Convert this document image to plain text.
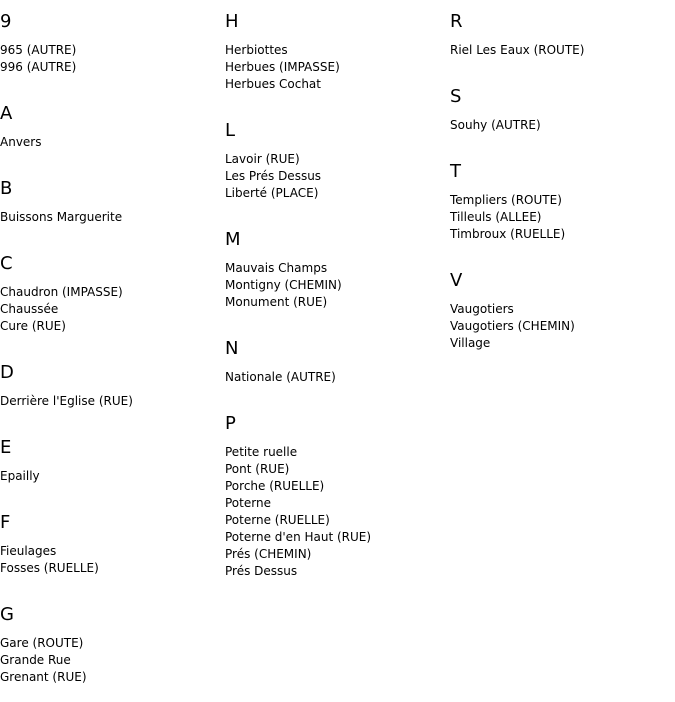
9
965 (AUTRE)
996 (AUTRE)
A
Anvers
B
Buissons Marguerite
C
Chaudron (IMPASSE)
Chaussée
Cure (RUE)
D
Derrière l'Eglise (RUE)
E
Epailly
F
Fieulages
Fosses (RUELLE)
G
Gare (ROUTE)
Grande Rue
Grenant (RUE)
H
Herbiottes
Herbues (IMPASSE)
Herbues Cochat
L
Lavoir (RUE)
Les Prés Dessus
Liberté (PLACE)
M
Mauvais Champs
Montigny (CHEMIN)
Monument (RUE)
N
Nationale (AUTRE)
P
Petite ruelle
Pont (RUE)
Porche (RUELLE)
Poterne
Poterne (RUELLE)
Poterne d'en Haut (RUE)
Prés (CHEMIN)
Prés Dessus
R
Riel Les Eaux (ROUTE)
S
Souhy (AUTRE)
T
Templiers (ROUTE)
Tilleuls (ALLEE)
Timbroux (RUELLE)
V
Vaugotiers
Vaugotiers (CHEMIN)
Village
